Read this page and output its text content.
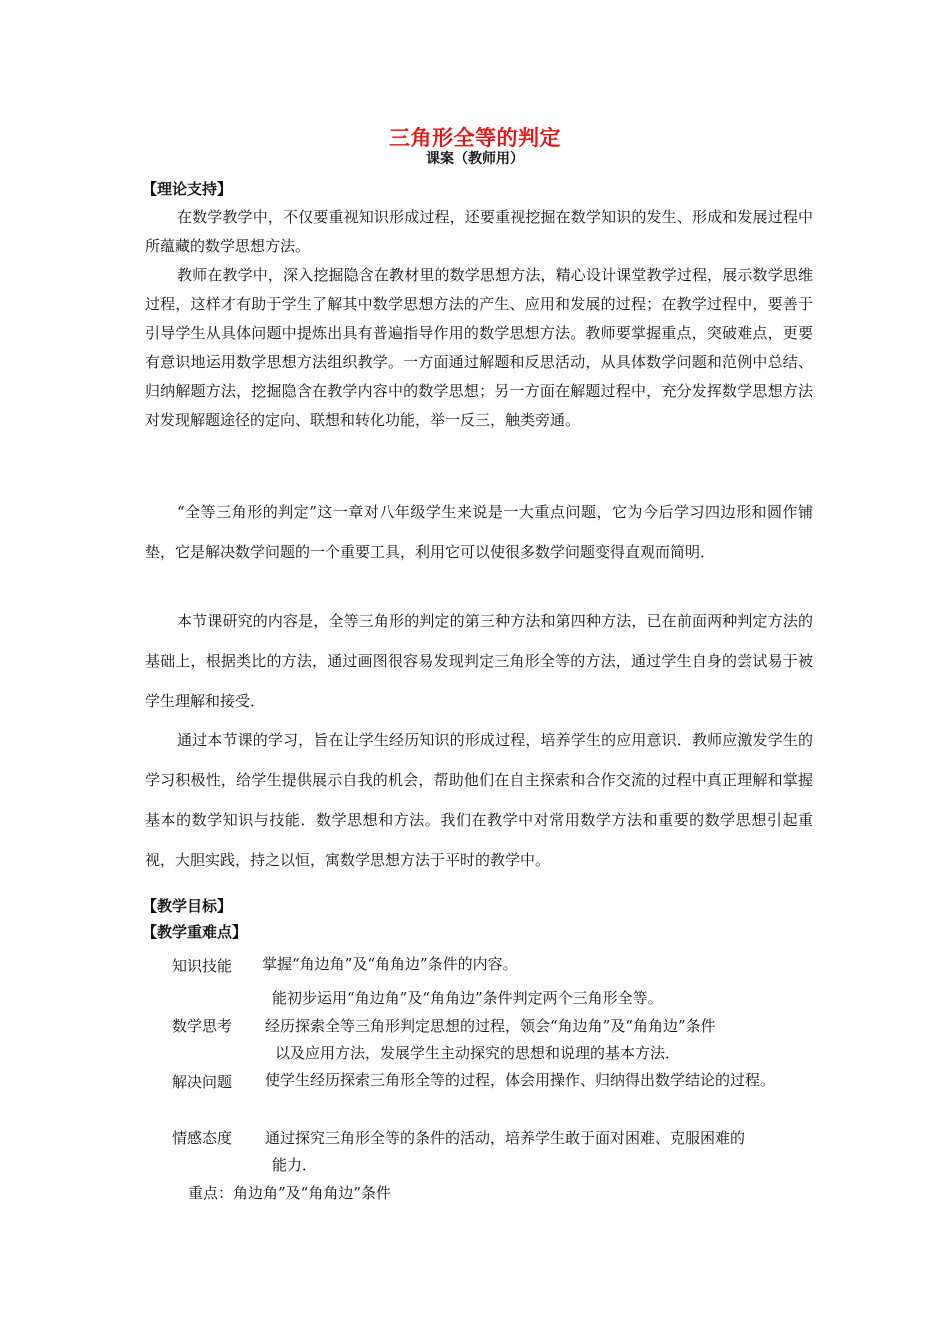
三角形全等的判定
课案（教师用）
【理论支持】

在数学教学中，不仅要重视知识形成过程，还要重视挖掘在数学知识的发生、形成和发展过程中所蕴藏的数学思想方法。

教师在教学中，深入挖掘隐含在教材里的数学思想方法，精心设计课堂教学过程，展示数学思维过程，这样才有助于学生了解其中数学思想方法的产生、应用和发展的过程；在教学过程中，要善于引导学生从具体问题中提炼出具有普遍指导作用的数学思想方法。教师要掌握重点，突破难点，更要有意识地运用数学思想方法组织教学。一方面通过解题和反思活动，从具体数学问题和范例中总结、归纳解题方法，挖掘隐含在教学内容中的数学思想；另一方面在解题过程中，充分发挥数学思想方法对发现解题途径的定向、联想和转化功能，举一反三，触类旁通。

“全等三角形的判定”这一章对八年级学生来说是一大重点问题，它为今后学习四边形和圆作铺垫，它是解决数学问题的一个重要工具，利用它可以使很多数学问题变得直观而简明．

本节课研究的内容是，全等三角形的判定的第三种方法和第四种方法，已在前面两种判定方法的基础上，根据类比的方法，通过画图很容易发现判定三角形全等的方法，通过学生自身的尝试易于被学生理解和接受．

通过本节课的学习，旨在让学生经历知识的形成过程，培养学生的应用意识．教师应激发学生的学习积极性，给学生提供展示自我的机会，帮助他们在自主探索和合作交流的过程中真正理解和掌握基本的数学知识与技能．数学思想和方法。我们在教学中对常用数学方法和重要的数学思想引起重视，大胆实践，持之以恒，寓数学思想方法于平时的教学中。

【教学目标】
【教学重难点】
知识技能 掌握“角边角”及“角角边”条件的内容。
能初步运用“角边角”及“角角边”条件判定两个三角形全等。
数学思考 经历探索全等三角形判定思想的过程，领会“角边角”及“角角边”条件
以及应用方法，发展学生主动探究的思想和说理的基本方法．
解决问题 使学生经历探索三角形全等的过程，体会用操作、归纳得出数学结论的过程。
情感态度 通过探究三角形全等的条件的活动，培养学生敢于面对困难、克服困难的
能力．
重点：角边角”及“角角边”条件
